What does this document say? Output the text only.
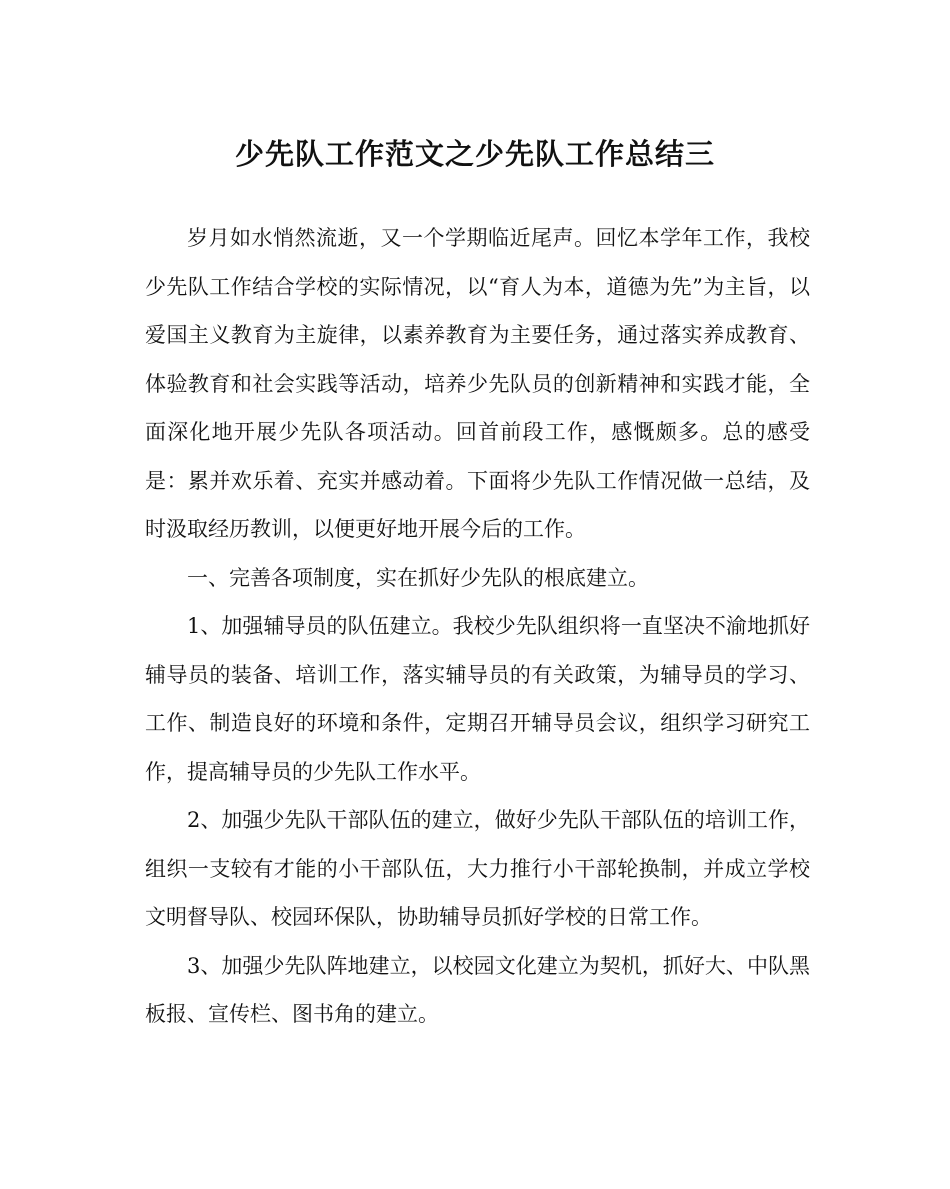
少先队工作范文之少先队工作总结三

岁月如水悄然流逝，又一个学期临近尾声。回忆本学年工作，我校少先队工作结合学校的实际情况，以“育人为本，道德为先”为主旨，以爱国主义教育为主旋律，以素养教育为主要任务，通过落实养成教育、体验教育和社会实践等活动，培养少先队员的创新精神和实践才能，全面深化地开展少先队各项活动。回首前段工作，感慨颇多。总的感受是：累并欢乐着、充实并感动着。下面将少先队工作情况做一总结，及时汲取经历教训，以便更好地开展今后的工作。

一、完善各项制度，实在抓好少先队的根底建立。

1、加强辅导员的队伍建立。我校少先队组织将一直坚决不渝地抓好辅导员的装备、培训工作，落实辅导员的有关政策，为辅导员的学习、工作、制造良好的环境和条件，定期召开辅导员会议，组织学习研究工作，提高辅导员的少先队工作水平。

2、加强少先队干部队伍的建立，做好少先队干部队伍的培训工作，组织一支较有才能的小干部队伍，大力推行小干部轮换制，并成立学校文明督导队、校园环保队，协助辅导员抓好学校的日常工作。

3、加强少先队阵地建立，以校园文化建立为契机，抓好大、中队黑板报、宣传栏、图书角的建立。
